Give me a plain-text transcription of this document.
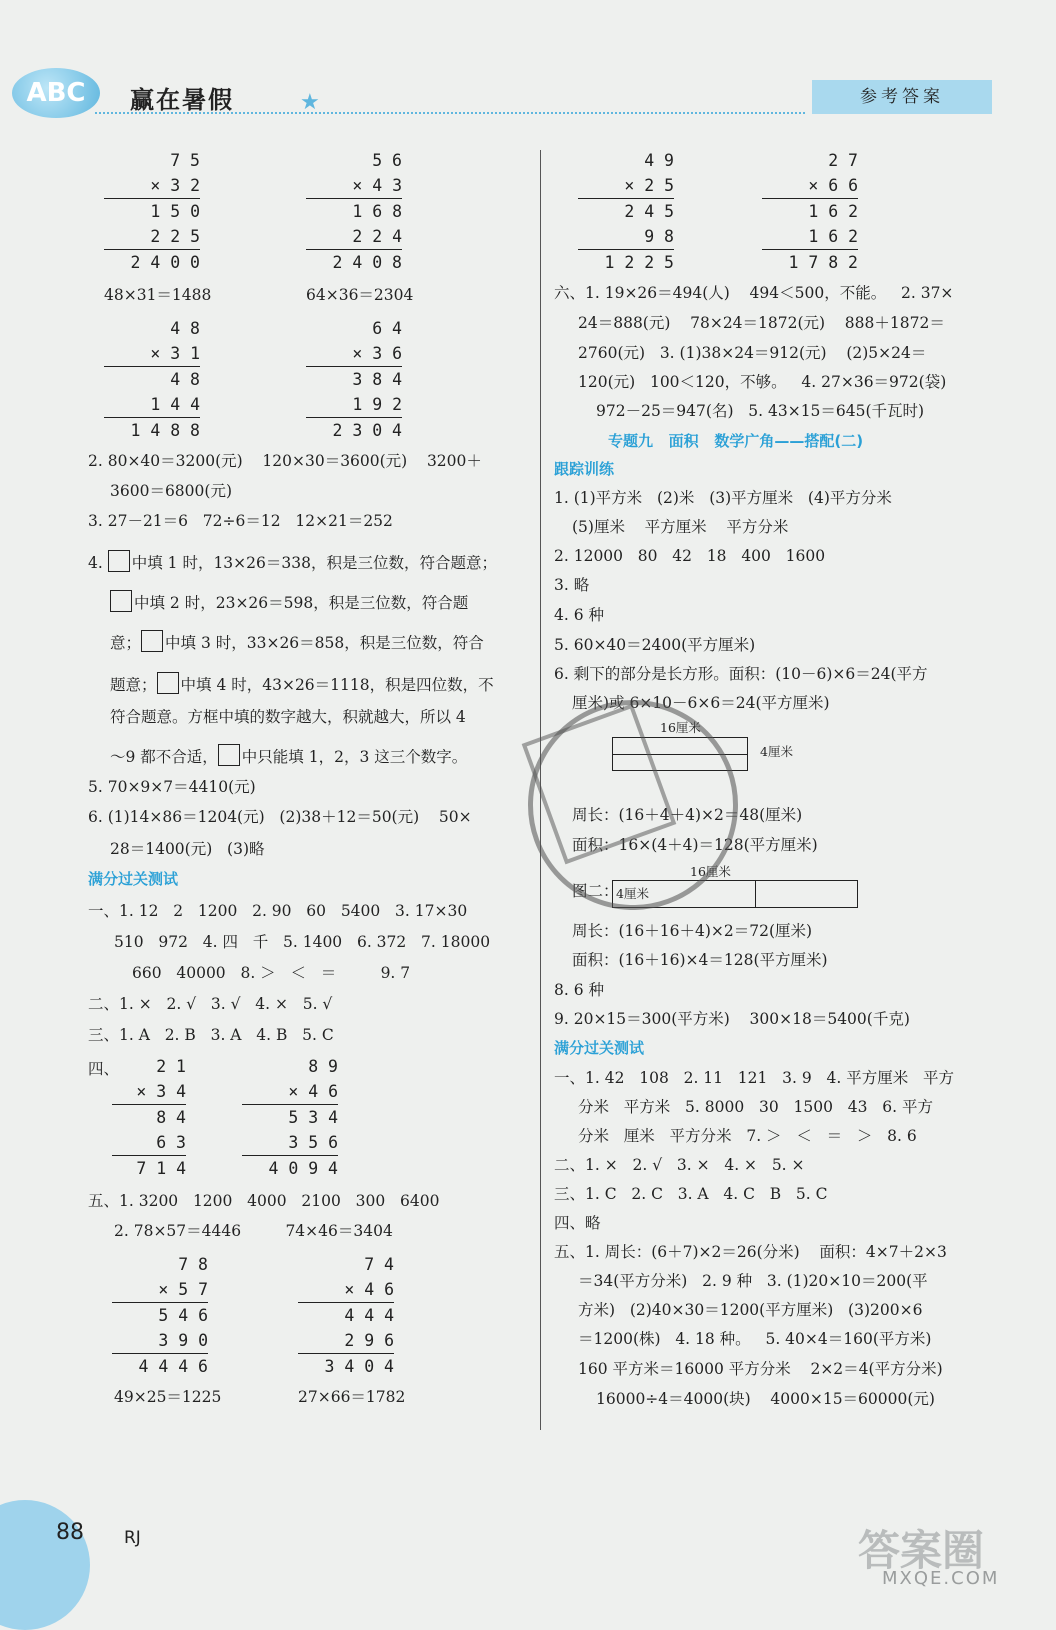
ABC	赢在暑假	★	参考答案
7 5
× 3 2
1 5 0
2 2 5
2 4 0 0
5 6
× 4 3
1 6 8
2 2 4
2 4 0 8
48×31＝1488	64×36＝2304
4 8
× 3 1
4 8
1 4 4
1 4 8 8
6 4
× 3 6
3 8 4
1 9 2
2 3 0 4
2. 80×40＝3200(元)    120×30＝3600(元)    3200＋
3600＝6800(元)
3. 27－21＝6   72÷6＝12   12×21＝252
4. 中填 1 时，13×26＝338，积是三位数，符合题意；
中填 2 时，23×26＝598，积是三位数，符合题
意； 中填 3 时，33×26＝858，积是三位数，符合
题意； 中填 4 时，43×26＝1118，积是四位数，不
符合题意。方框中填的数字越大，积就越大，所以 4
～9 都不合适， 中只能填 1，2，3 这三个数字。
5. 70×9×7＝4410(元)
6. (1)14×86＝1204(元)   (2)38＋12＝50(元)    50×
28＝1400(元)   (3)略
满分过关测试
一、1. 12   2   1200   2. 90   60   5400   3. 17×30
510   972   4. 四   千   5. 1400   6. 372   7. 18000
660   40000   8. ＞   ＜   ＝         9. 7
二、1. ×   2. √   3. √   4. ×   5. √
三、1. A   2. B   3. A   4. B   5. C
四、	2 1
× 3 4
8 4
6 3
7 1 4
8 9
× 4 6
5 3 4
3 5 6
4 0 9 4
五、1. 3200   1200   4000   2100   300   6400
2. 78×57＝4446         74×46＝3404
7 8
× 5 7
5 4 6
3 9 0
4 4 4 6
7 4
× 4 6
4 4 4
2 9 6
3 4 0 4
49×25＝1225	27×66＝1782
4 9
× 2 5
2 4 5
9 8
1 2 2 5
2 7
× 6 6
1 6 2
1 6 2
1 7 8 2
六、1. 19×26＝494(人)    494＜500，不能。   2. 37×
24＝888(元)    78×24＝1872(元)    888＋1872＝
2760(元)   3. (1)38×24＝912(元)    (2)5×24＝
120(元)   100＜120，不够。   4. 27×36＝972(袋)
972－25＝947(名)   5. 43×15＝645(千瓦时)
专题九   面积   数学广角——搭配(二)
跟踪训练
1. (1)平方米   (2)米   (3)平方厘米   (4)平方分米
(5)厘米    平方厘米    平方分米
2. 12000   80   42   18   400   1600
3. 略
4. 6 种
5. 60×40＝2400(平方厘米)
6. 剩下的部分是长方形。面积：(10－6)×6＝24(平方
厘米)或 6×10－6×6＝24(平方厘米)
16厘米
4厘米
周长：(16＋4＋4)×2＝48(厘米)
面积：16×(4＋4)＝128(平方厘米)
16厘米
图二：
4厘米
周长：(16＋16＋4)×2＝72(厘米)
面积：(16＋16)×4＝128(平方厘米)
8. 6 种
9. 20×15＝300(平方米)    300×18＝5400(千克)
满分过关测试
一、1. 42   108   2. 11   121   3. 9   4. 平方厘米   平方
分米   平方米   5. 8000   30   1500   43   6. 平方
分米   厘米   平方分米   7. ＞   ＜   ＝   ＞   8. 6
二、1. ×   2. √   3. ×   4. ×   5. ×
三、1. C   2. C   3. A   4. C   B   5. C
四、略
五、1. 周长：(6＋7)×2＝26(分米)    面积：4×7＋2×3
＝34(平方分米)   2. 9 种   3. (1)20×10＝200(平
方米)   (2)40×30＝1200(平方厘米)   (3)200×6
＝1200(株)   4. 18 种。   5. 40×4＝160(平方米)
160 平方米＝16000 平方分米    2×2＝4(平方分米)
16000÷4＝4000(块)    4000×15＝60000(元)
88 RJ	答案圈
MXQE.COM
